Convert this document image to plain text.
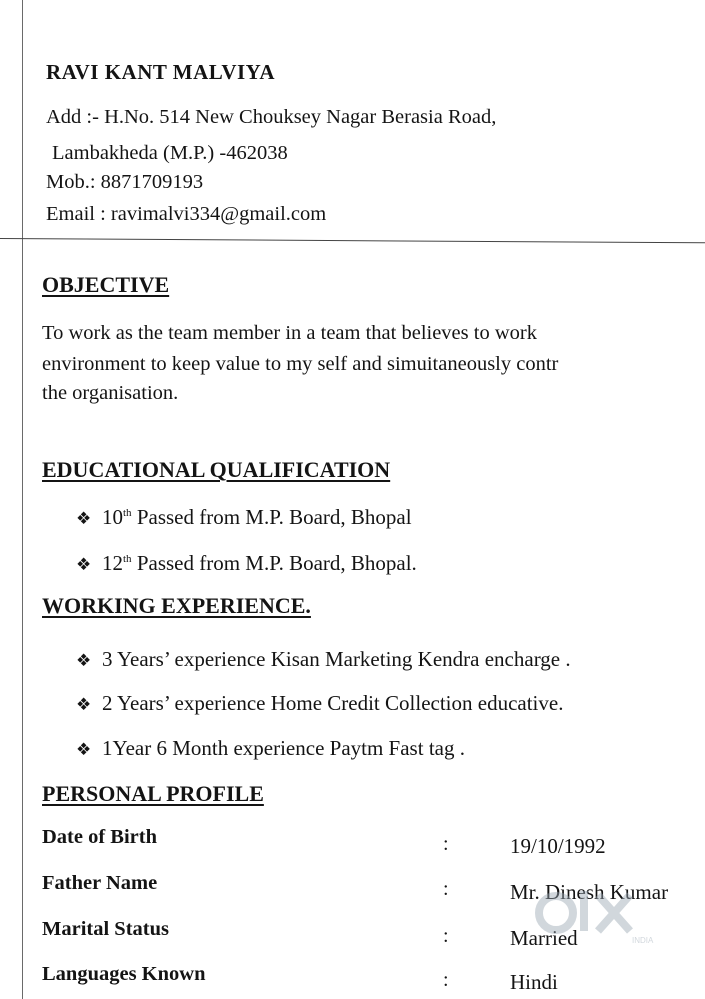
RAVI KANT MALVIYA
Add :- H.No. 514 New Chouksey Nagar Berasia Road,
Lambakheda (M.P.) -462038
Mob.: 8871709193
Email : ravimalvi334@gmail.com
OBJECTIVE
To work as the team member in a team that believes to work
environment to keep value to my self and simuitaneously contr
the organisation.
EDUCATIONAL QUALIFICATION
❖ 10th Passed from M.P. Board, Bhopal
❖ 12th Passed from M.P. Board, Bhopal.
WORKING EXPERIENCE.
❖ 3 Years’ experience Kisan Marketing Kendra encharge .
❖ 2 Years’ experience Home Credit Collection educative.
❖ 1Year 6 Month experience Paytm Fast tag .
PERSONAL PROFILE
Date of Birth	:	19/10/1992
Father Name	:	Mr. Dinesh Kumar
Marital Status	:	Married
Languages Known	:	Hindi
INDIA
